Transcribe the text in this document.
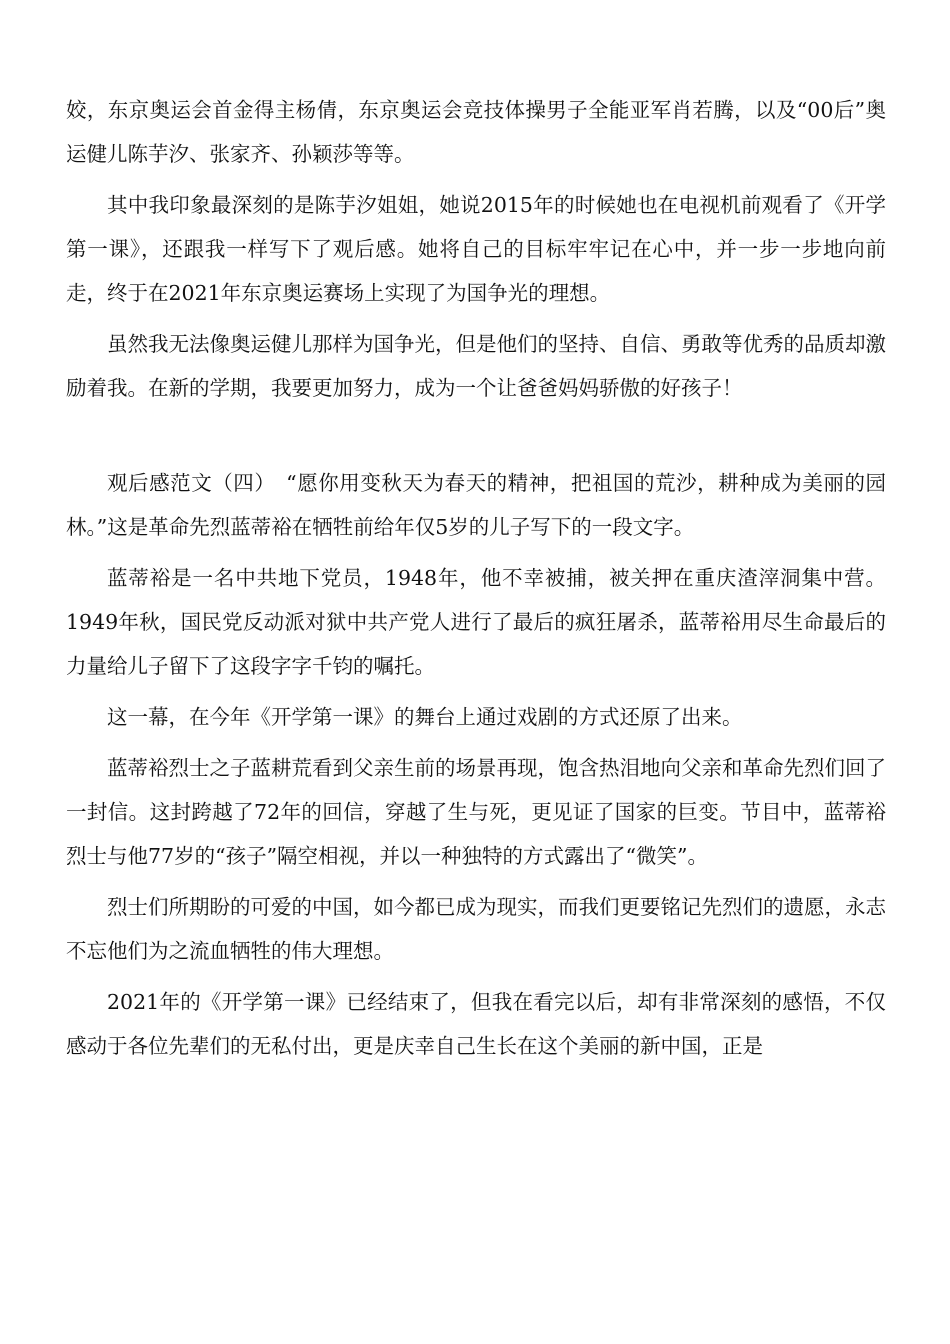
姣，东京奥运会首金得主杨倩，东京奥运会竞技体操男子全能亚军肖若腾，以及“00后”奥运健儿陈芋汐、张家齐、孙颖莎等等。

其中我印象最深刻的是陈芋汐姐姐，她说2015年的时候她也在电视机前观看了《开学第一课》，还跟我一样写下了观后感。她将自己的目标牢牢记在心中，并一步一步地向前走，终于在2021年东京奥运赛场上实现了为国争光的理想。

虽然我无法像奥运健儿那样为国争光，但是他们的坚持、自信、勇敢等优秀的品质却激励着我。在新的学期，我要更加努力，成为一个让爸爸妈妈骄傲的好孩子！

观后感范文（四）　“愿你用变秋天为春天的精神，把祖国的荒沙，耕种成为美丽的园林。”这是革命先烈蓝蒂裕在牺牲前给年仅5岁的儿子写下的一段文字。

蓝蒂裕是一名中共地下党员，1948年，他不幸被捕，被关押在重庆渣滓洞集中营。1949年秋，国民党反动派对狱中共产党人进行了最后的疯狂屠杀，蓝蒂裕用尽生命最后的力量给儿子留下了这段字字千钧的嘱托。

这一幕，在今年《开学第一课》的舞台上通过戏剧的方式还原了出来。

蓝蒂裕烈士之子蓝耕荒看到父亲生前的场景再现，饱含热泪地向父亲和革命先烈们回了一封信。这封跨越了72年的回信，穿越了生与死，更见证了国家的巨变。节目中，蓝蒂裕烈士与他77岁的“孩子”隔空相视，并以一种独特的方式露出了“微笑”。

烈士们所期盼的可爱的中国，如今都已成为现实，而我们更要铭记先烈们的遗愿，永志不忘他们为之流血牺牲的伟大理想。

2021年的《开学第一课》已经结束了，但我在看完以后，却有非常深刻的感悟，不仅感动于各位先辈们的无私付出，更是庆幸自己生长在这个美丽的新中国，正是
